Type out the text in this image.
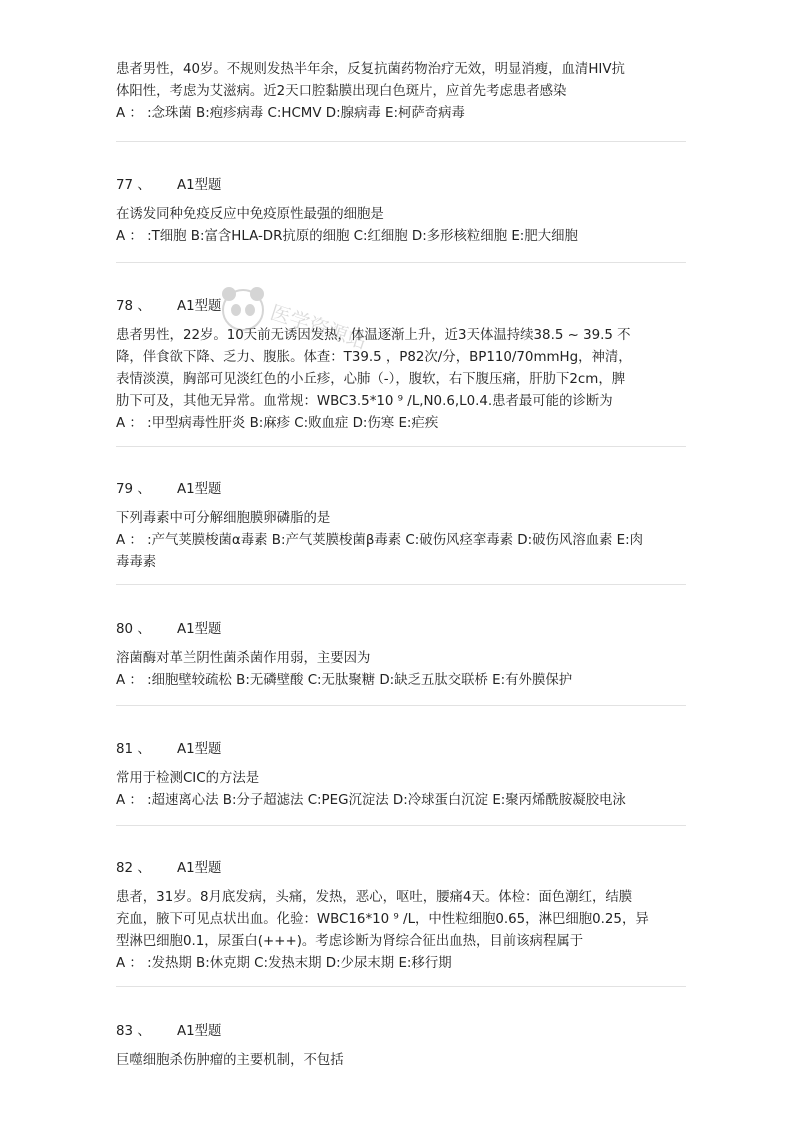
患者男性，40岁。不规则发热半年余，反复抗菌药物治疗无效，明显消瘦，血清HIV抗
体阳性，考虑为艾滋病。近2天口腔黏膜出现白色斑片，应首先考虑患者感染
A ： :念珠菌 B:疱疹病毒 C:HCMV D:腺病毒 E:柯萨奇病毒
77 、 A1型题
在诱发同种免疫反应中免疫原性最强的细胞是
A ： :T细胞 B:富含HLA-DR抗原的细胞 C:红细胞 D:多形核粒细胞 E:肥大细胞
78 、 A1型题
患者男性，22岁。10天前无诱因发热，体温逐渐上升，近3天体温持续38.5 ~ 39.5 不
降，伴食欲下降、乏力、腹胀。体查：T39.5 ，P82次/分，BP110/70mmHg，神清，
表情淡漠，胸部可见淡红色的小丘疹，心肺（-），腹软，右下腹压痛，肝肋下2cm，脾
肋下可及，其他无异常。血常规：WBC3.5*10 ⁹ /L,N0.6,L0.4.患者最可能的诊断为
A ： :甲型病毒性肝炎 B:麻疹 C:败血症 D:伤寒 E:疟疾
79 、 A1型题
下列毒素中可分解细胞膜卵磷脂的是
A ： :产气荚膜梭菌α毒素 B:产气荚膜梭菌β毒素 C:破伤风痉挛毒素 D:破伤风溶血素 E:肉
毒毒素
80 、 A1型题
溶菌酶对革兰阴性菌杀菌作用弱，主要因为
A ： :细胞壁较疏松 B:无磷壁酸 C:无肽聚糖 D:缺乏五肽交联桥 E:有外膜保护
81 、 A1型题
常用于检测CIC的方法是
A ： :超速离心法 B:分子超滤法 C:PEG沉淀法 D:冷球蛋白沉淀 E:聚丙烯酰胺凝胶电泳
82 、 A1型题
患者，31岁。8月底发病，头痛，发热，恶心，呕吐，腰痛4天。体检：面色潮红，结膜
充血，腋下可见点状出血。化验：WBC16*10 ⁹ /L，中性粒细胞0.65，淋巴细胞0.25，异
型淋巴细胞0.1，尿蛋白(+++)。考虑诊断为肾综合征出血热，目前该病程属于
A ： :发热期 B:休克期 C:发热末期 D:少尿末期 E:移行期
83 、 A1型题
巨噬细胞杀伤肿瘤的主要机制，不包括
医学资源站
